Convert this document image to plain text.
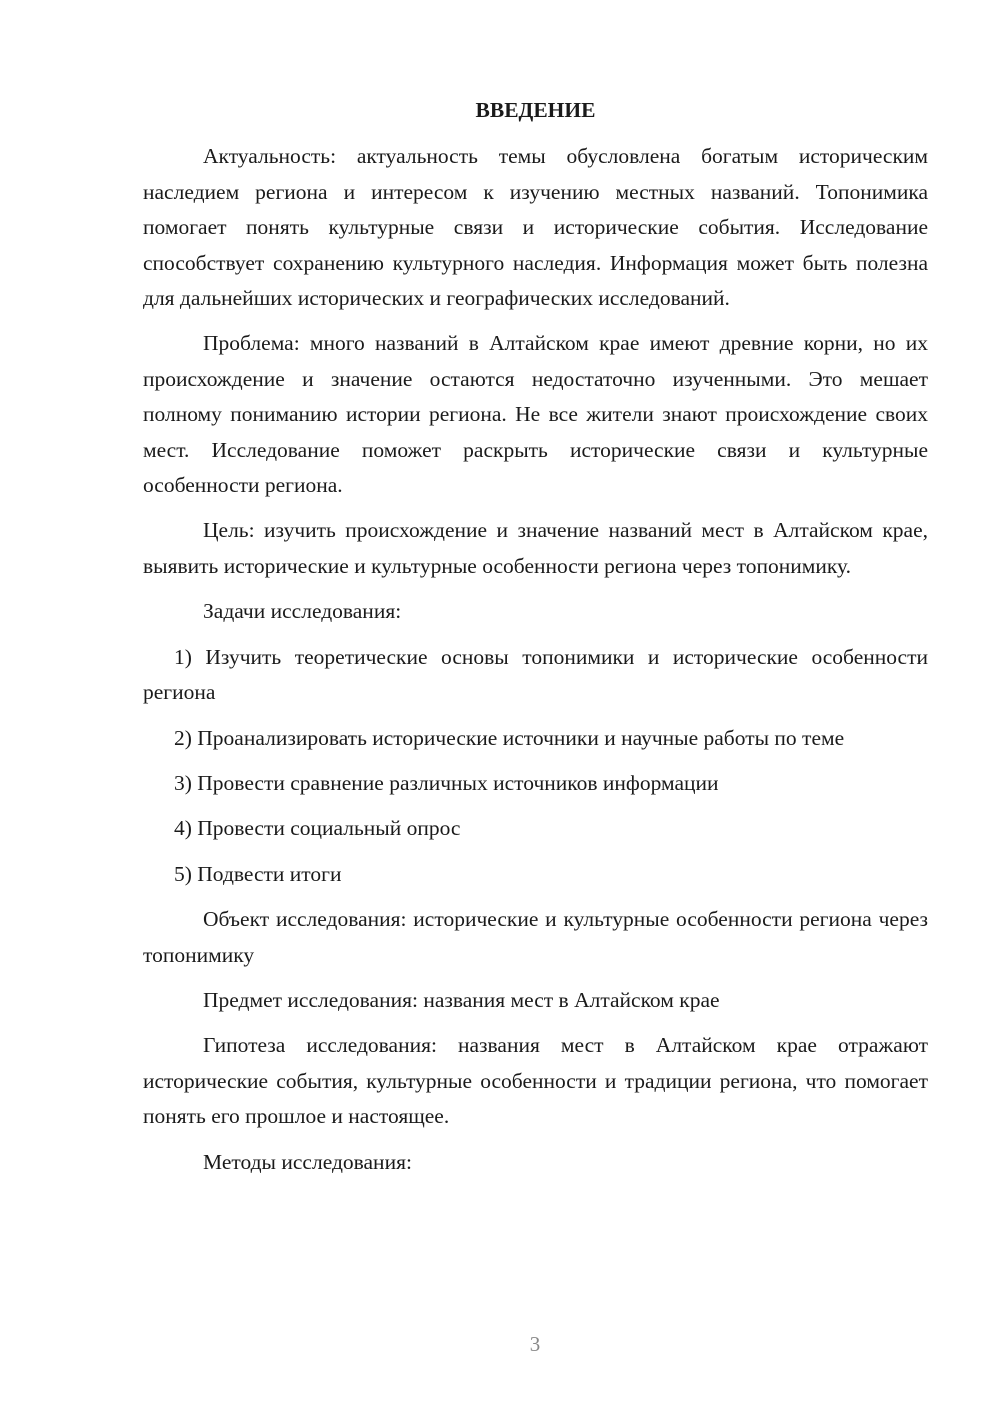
ВВЕДЕНИЕ

Актуальность: актуальность темы обусловлена богатым историческим наследием региона и интересом к изучению местных названий. Топонимика помогает понять культурные связи и исторические события. Исследование способствует сохранению культурного наследия. Информация может быть полезна для дальнейших исторических и географических исследований.

Проблема: много названий в Алтайском крае имеют древние корни, но их происхождение и значение остаются недостаточно изученными. Это мешает полному пониманию истории региона. Не все жители знают происхождение своих мест. Исследование поможет раскрыть исторические связи и культурные особенности региона.

Цель: изучить происхождение и значение названий мест в Алтайском крае, выявить исторические и культурные особенности региона через топонимику.

Задачи исследования:

1) Изучить теоретические основы топонимики и исторические особенности региона

2) Проанализировать исторические источники и научные работы по теме

3) Провести сравнение различных источников информации

4) Провести социальный опрос

5) Подвести итоги

Объект исследования: исторические и культурные особенности региона через топонимику

Предмет исследования: названия мест в Алтайском крае

Гипотеза исследования: названия мест в Алтайском крае отражают исторические события, культурные особенности и традиции региона, что помогает понять его прошлое и настоящее.

Методы исследования:

3
